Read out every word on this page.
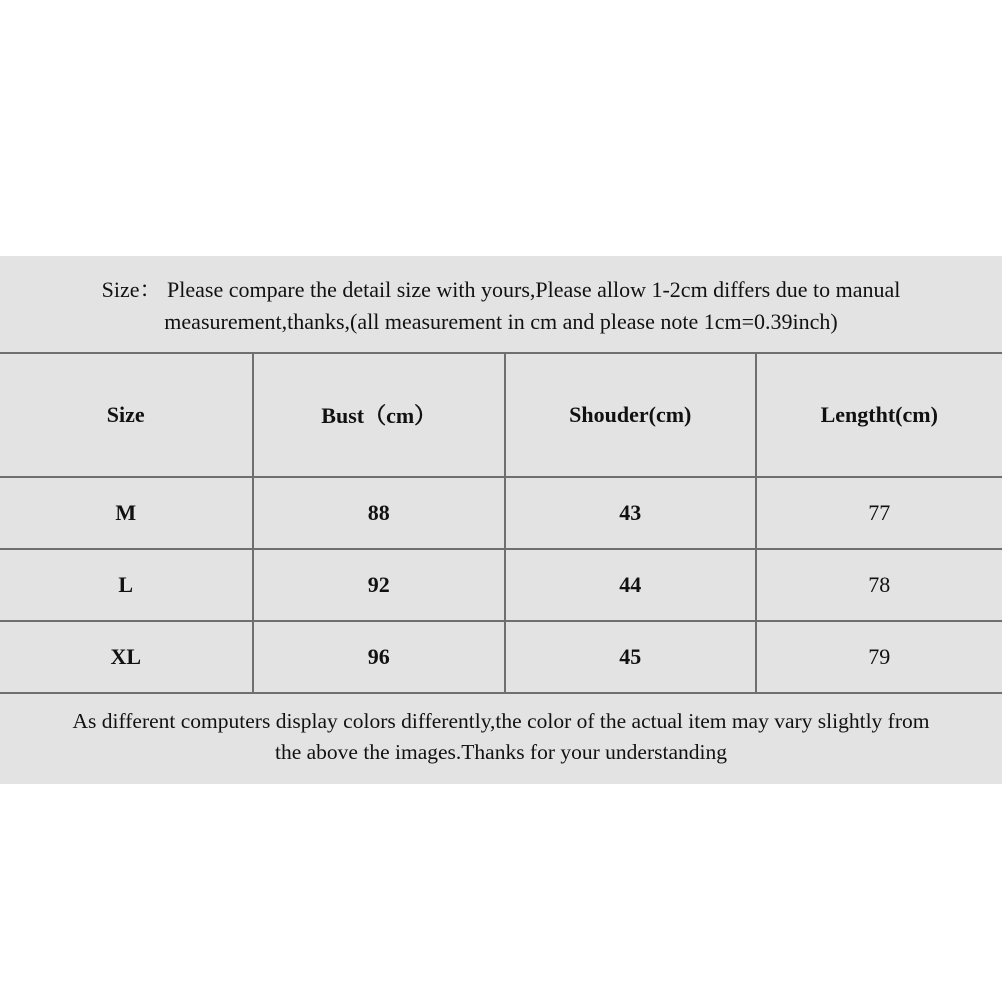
Size： Please compare the detail size with yours,Please allow 1-2cm differs due to manual measurement,thanks,(all measurement in cm and please note 1cm=0.39inch)
Size	Bust（cm）	Shouder(cm)	Lengtht(cm)
M	88	43	77
L	92	44	78
XL	96	45	79
As different computers display colors differently,the color of the actual item may vary slightly from
the above the images.Thanks for your understanding
